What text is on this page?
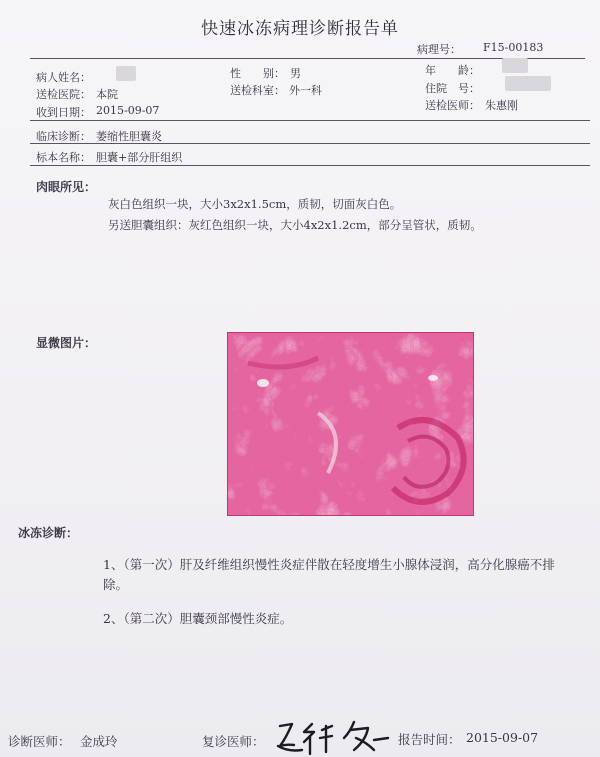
快速冰冻病理诊断报告单
病理号： F15-00183
病人姓名：	性　　别： 男	年　　龄：
送检医院： 本院	送检科室： 外一科	住院　号：
收到日期： 2015-09-07	送检医师： 朱惠刚
临床诊断： 萎缩性胆囊炎
标本名称： 胆囊+部分肝组织
肉眼所见：
灰白色组织一块，大小3x2x1.5cm，质韧，切面灰白色。
另送胆囊组织：灰红色组织一块，大小4x2x1.2cm，部分呈管状，质韧。
显微图片：
冰冻诊断：
1、（第一次）肝及纤维组织慢性炎症伴散在轻度增生小腺体浸润，高分化腺癌不排
除。
2、（第二次）胆囊颈部慢性炎症。
诊断医师： 金成玲	复诊医师：	报告时间： 2015-09-07
